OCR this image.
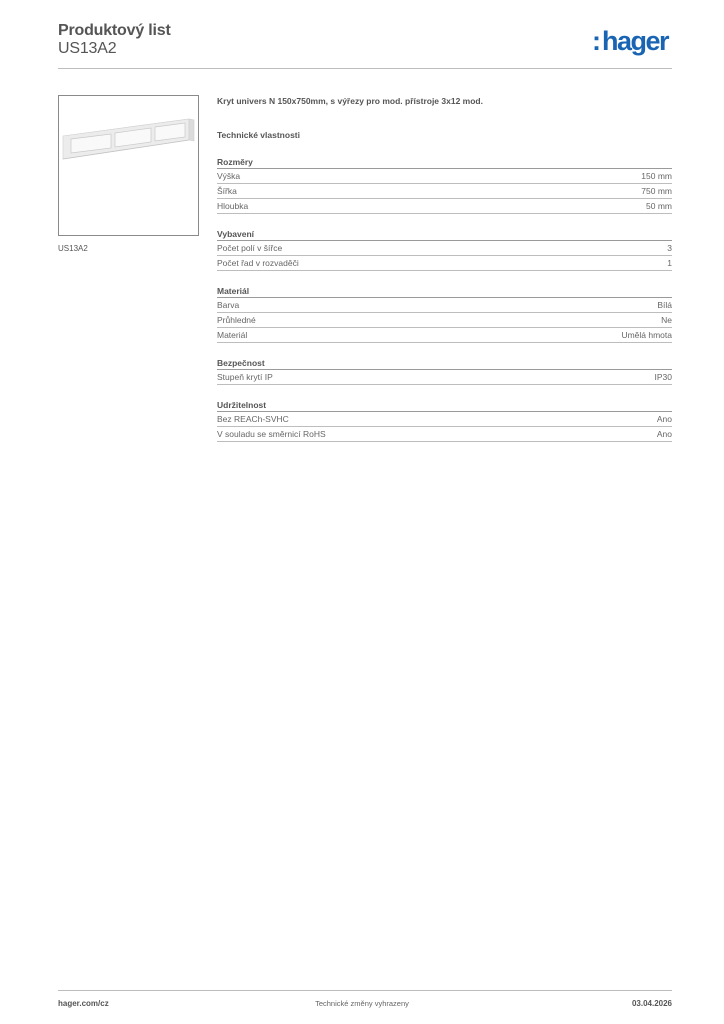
Produktový list
US13A2	:hager
US13A2
Kryt univers N 150x750mm, s výřezy pro mod. přístroje 3x12 mod.
Technické vlastnosti
Rozměry
Výška	150 mm
Šířka	750 mm
Hloubka	50 mm
Vybavení
Počet polí v šířce	3
Počet řad v rozvaděči	1
Materiál
Barva	Bílá
Průhledné	Ne
Materiál	Umělá hmota
Bezpečnost
Stupeň krytí IP	IP30
Udržitelnost
Bez REACh-SVHC	Ano
V souladu se směrnicí RoHS	Ano
hager.com/cz	Technické změny vyhrazeny	03.04.2026
